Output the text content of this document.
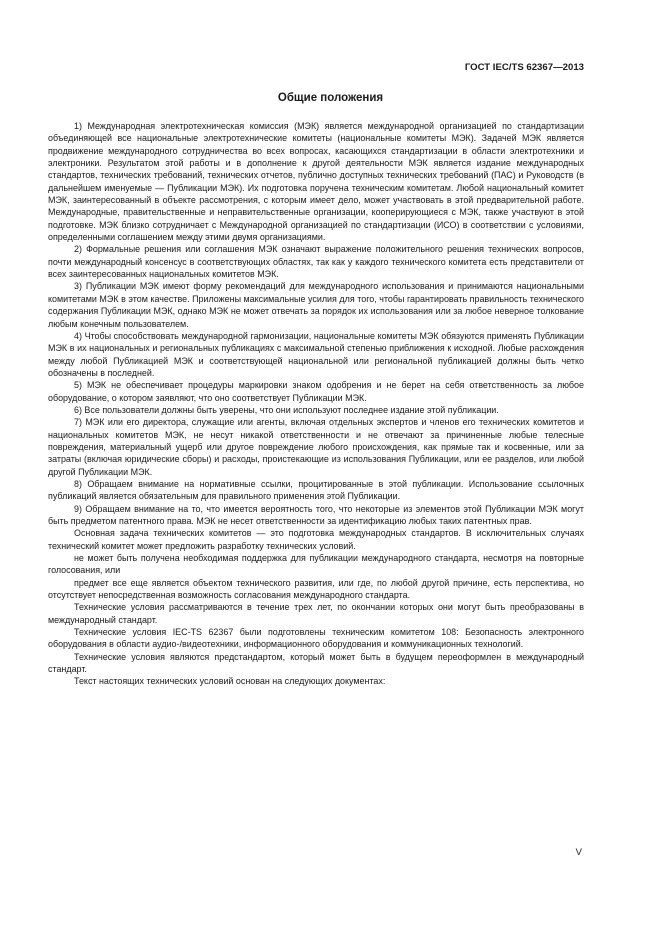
ГОСТ IEC/TS 62367—2013
Общие положения

1) Международная электротехническая комиссия (МЭК) является международной организацией по стандартизации объединяющей все национальные электротехнические комитеты (национальные комитеты МЭК). Задачей МЭК является продвижение международного сотрудничества во всех вопросах, касающихся стандартизации в области электротехники и электроники. Результатом этой работы и в дополнение к другой деятельности МЭК является издание международных стандартов, технических требований, технических отчетов, публично доступных технических требований (ПАС) и Руководств (в дальнейшем именуемые — Публикации МЭК). Их подготовка поручена техническим комитетам. Любой национальный комитет МЭК, заинтересованный в объекте рассмотрения, с которым имеет дело, может участвовать в этой предварительной работе. Международные, правительственные и неправительственные организации, кооперирующиеся с МЭК, также участвуют в этой подготовке. МЭК близко сотрудничает с Международной организацией по стандартизации (ИСО) в соответствии с условиями, определенными соглашением между этими двумя организациями.

2) Формальные решения или соглашения МЭК означают выражение положительного решения технических вопросов, почти международный консенсус в соответствующих областях, так как у каждого технического комитета есть представители от всех заинтересованных национальных комитетов МЭК.

3) Публикации МЭК имеют форму рекомендаций для международного использования и принимаются национальными комитетами МЭК в этом качестве. Приложены максимальные усилия для того, чтобы гарантировать правильность технического содержания Публикации МЭК, однако МЭК не может отвечать за порядок их использования или за любое неверное толкование любым конечным пользователем.

4) Чтобы способствовать международной гармонизации, национальные комитеты МЭК обязуются применять Публикации МЭК в их национальных и региональных публикациях с максимальной степенью приближения к исходной. Любые расхождения между любой Публикацией МЭК и соответствующей национальной или региональной публикацией должны быть четко обозначены в последней.

5) МЭК не обеспечивает процедуры маркировки знаком одобрения и не берет на себя ответственность за любое оборудование, о котором заявляют, что оно соответствует Публикации МЭК.

6) Все пользователи должны быть уверены, что они используют последнее издание этой публикации.

7) МЭК или его директора, служащие или агенты, включая отдельных экспертов и членов его технических комитетов и национальных комитетов МЭК, не несут никакой ответственности и не отвечают за причиненные любые телесные повреждения, материальный ущерб или другое повреждение любого происхождения, как прямые так и косвенные, или за затраты (включая юридические сборы) и расходы, проистекающие из использования Публикации, или ее разделов, или любой другой Публикации МЭК.

8) Обращаем внимание на нормативные ссылки, процитированные в этой публикации. Использование ссылочных публикаций является обязательным для правильного применения этой Публикации.

9) Обращаем внимание на то, что имеется вероятность того, что некоторые из элементов этой Публикации МЭК могут быть предметом патентного права. МЭК не несет ответственности за идентификацию любых таких патентных прав.

Основная задача технических комитетов — это подготовка международных стандартов. В исключительных случаях технический комитет может предложить разработку технических условий.

не может быть получена необходимая поддержка для публикации международного стандарта, несмотря на повторные голосования, или

предмет все еще является объектом технического развития, или где, по любой другой причине, есть перспектива, но отсутствует непосредственная возможность согласования международного стандарта.

Технические условия рассматриваются в течение трех лет, по окончании которых они могут быть преобразованы в международный стандарт.

Технические условия IEC-TS 62367 были подготовлены техническим комитетом 108: Безопасность электронного оборудования в области аудио-/видеотехники, информационного оборудования и коммуникационных технологий.

Технические условия являются предстандартом, который может быть в будущем переоформлен в международный стандарт.

Текст настоящих технических условий основан на следующих документах:

V
